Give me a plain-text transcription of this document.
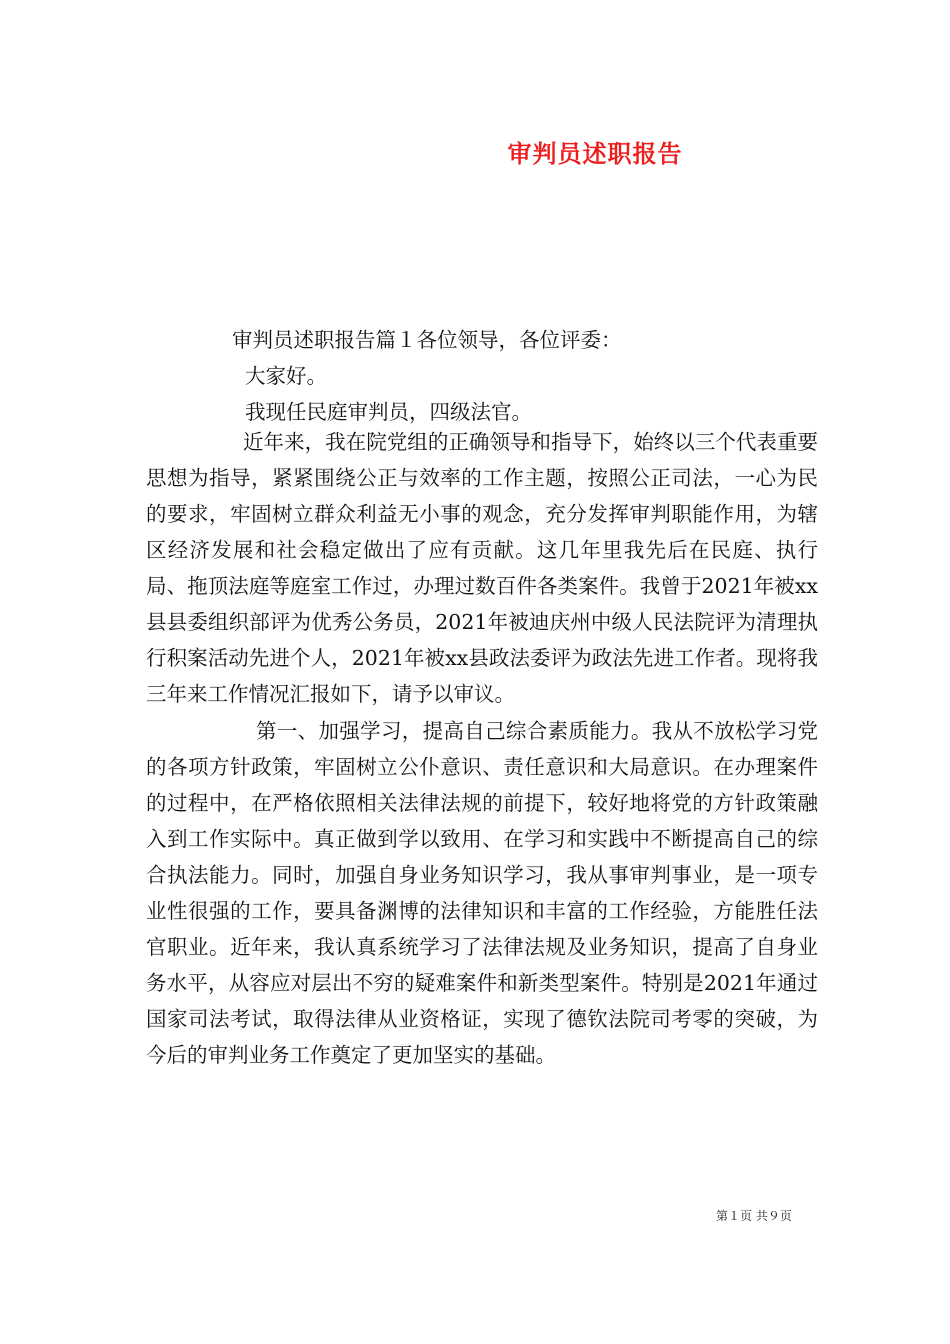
审判员述职报告

审判员述职报告篇１各位领导，各位评委：

大家好。

我现任民庭审判员，四级法官。

近年来，我在院党组的正确领导和指导下，始终以三个代表重要思想为指导，紧紧围绕公正与效率的工作主题，按照公正司法，一心为民的要求，牢固树立群众利益无小事的观念，充分发挥审判职能作用，为辖区经济发展和社会稳定做出了应有贡献。这几年里我先后在民庭、执行局、拖顶法庭等庭室工作过，办理过数百件各类案件。我曾于2021年被xx县县委组织部评为优秀公务员，2021年被迪庆州中级人民法院评为清理执行积案活动先进个人，2021年被xx县政法委评为政法先进工作者。现将我三年来工作情况汇报如下，请予以审议。

第一、加强学习，提高自己综合素质能力。我从不放松学习党的各项方针政策，牢固树立公仆意识、责任意识和大局意识。在办理案件的过程中，在严格依照相关法律法规的前提下，较好地将党的方针政策融入到工作实际中。真正做到学以致用、在学习和实践中不断提高自己的综合执法能力。同时，加强自身业务知识学习，我从事审判事业，是一项专业性很强的工作，要具备渊博的法律知识和丰富的工作经验，方能胜任法官职业。近年来，我认真系统学习了法律法规及业务知识，提高了自身业务水平，从容应对层出不穷的疑难案件和新类型案件。特别是2021年通过国家司法考试，取得法律从业资格证，实现了德钦法院司考零的突破，为今后的审判业务工作奠定了更加坚实的基础。

第１页 共９页
